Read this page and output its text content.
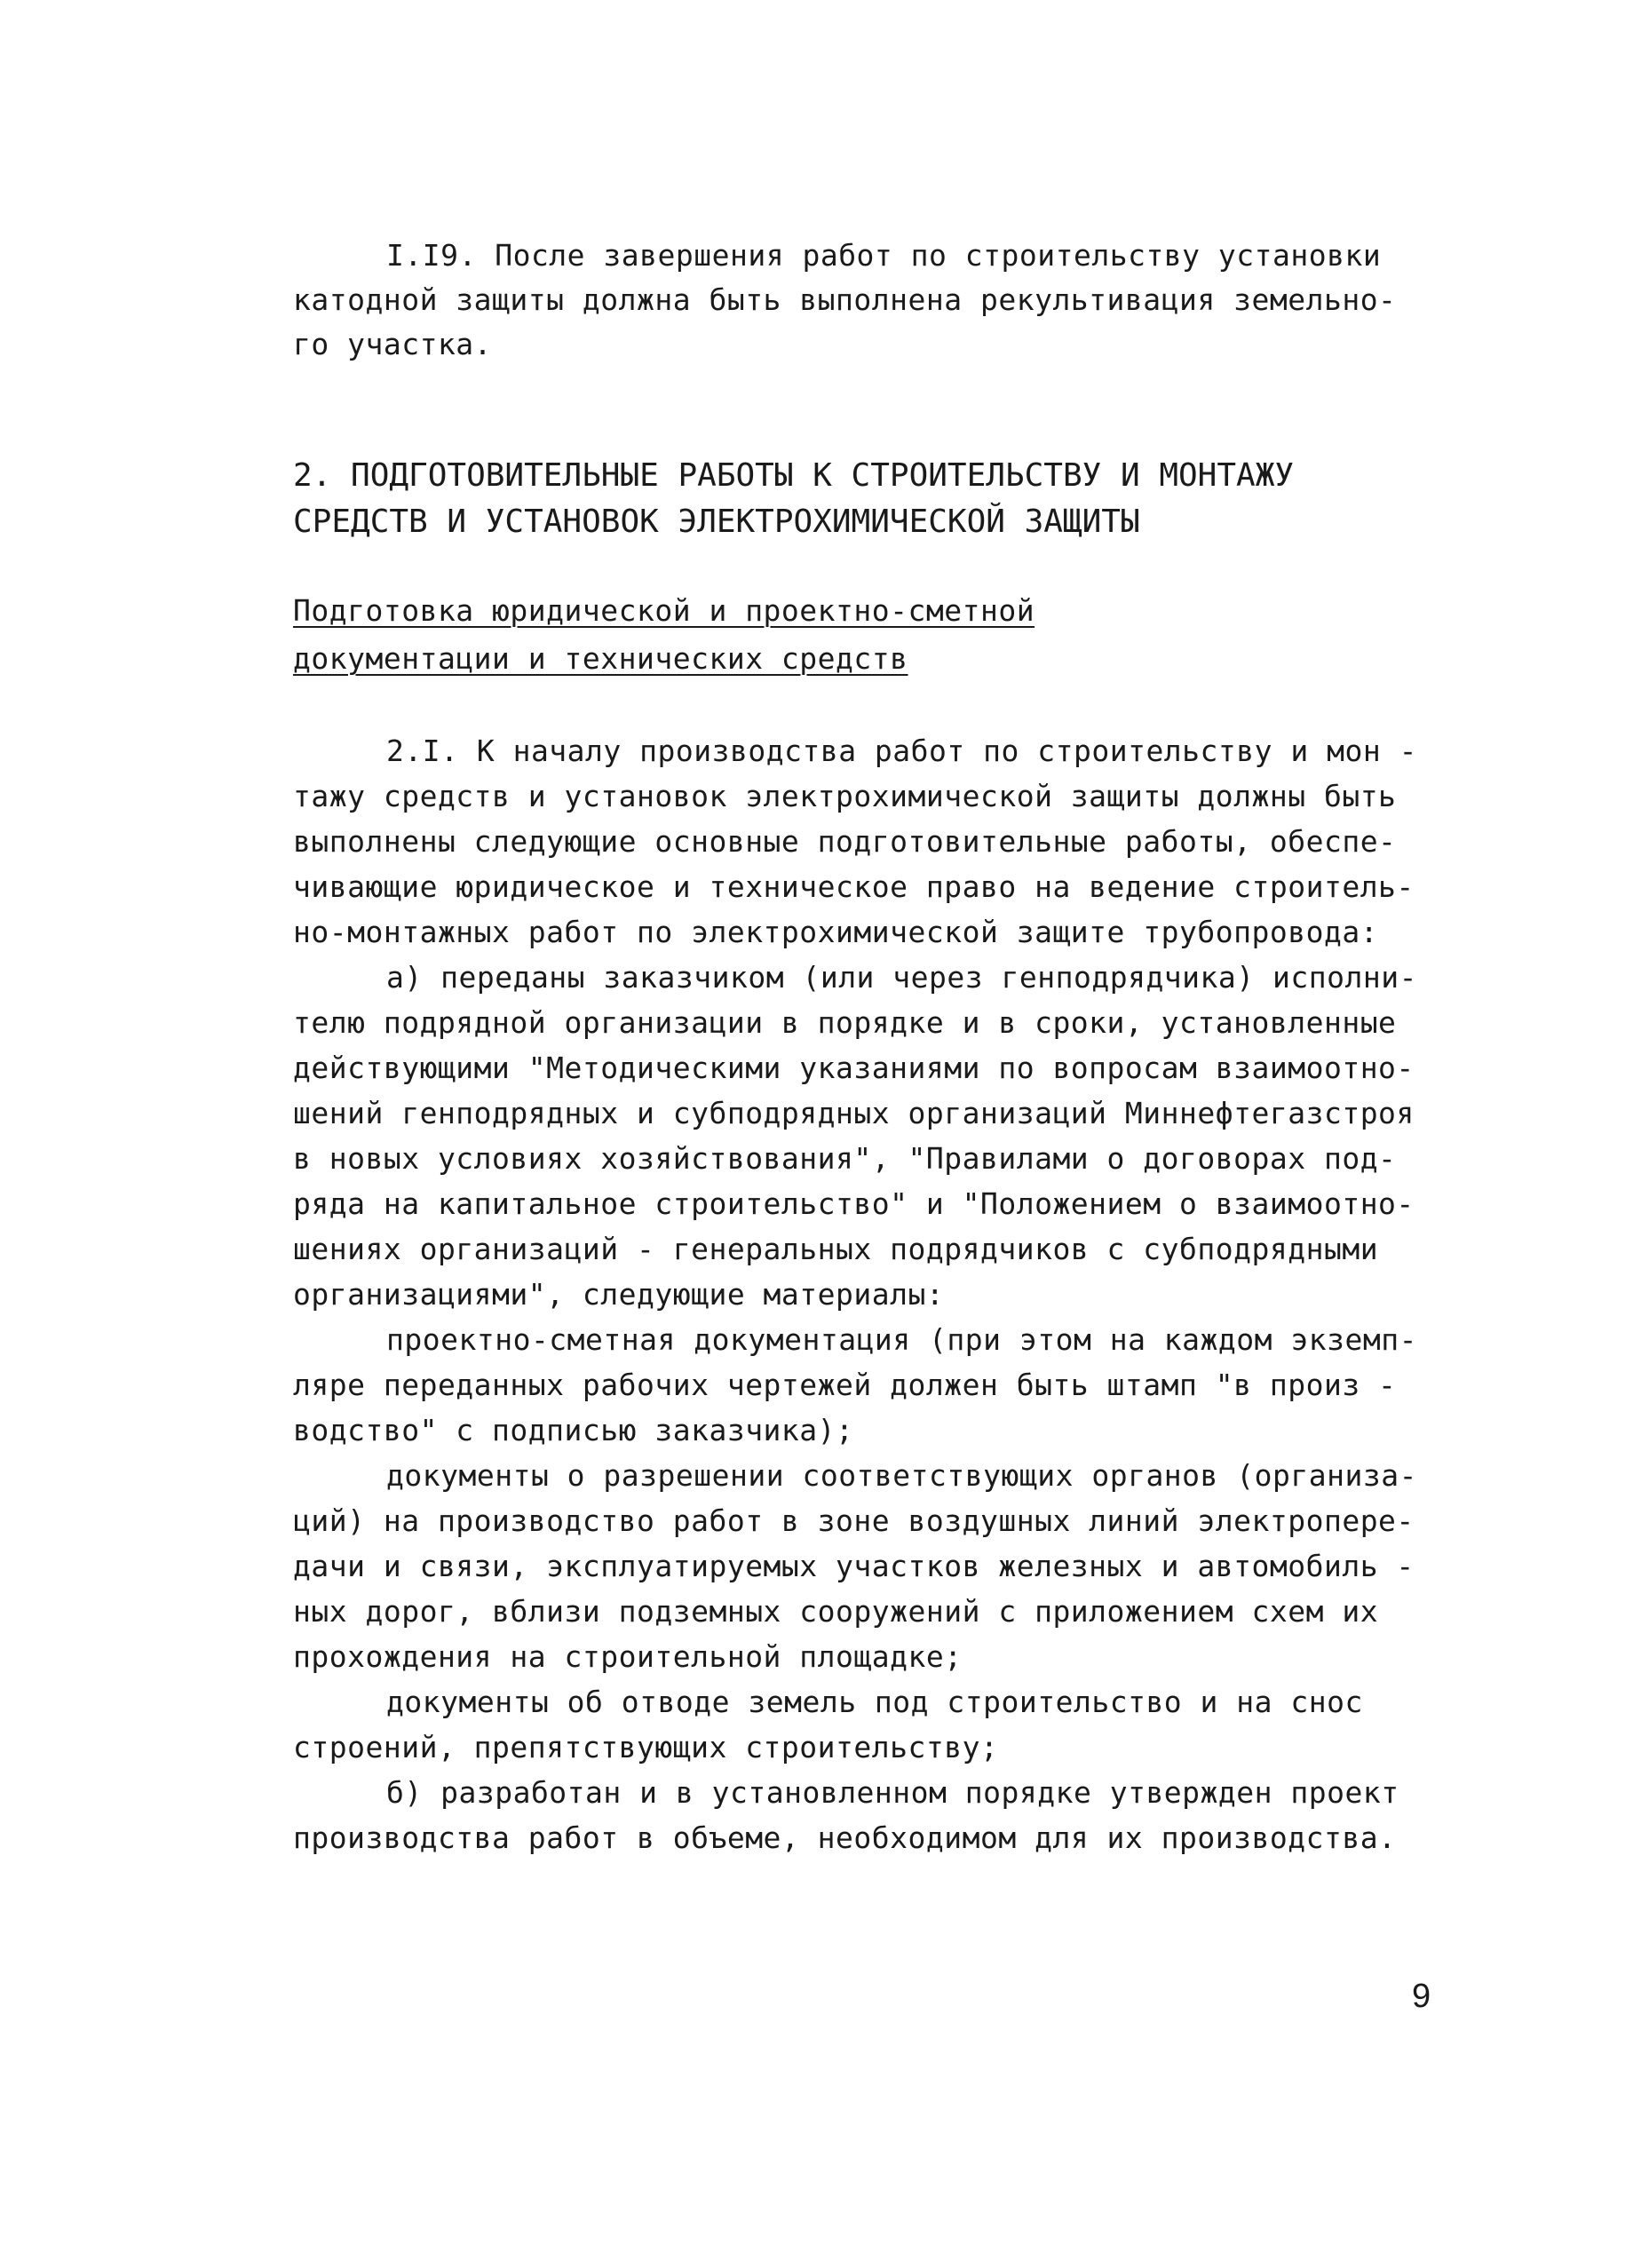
I.I9. После завершения работ по строительству установки
катодной защиты должна быть выполнена рекультивация земельно-
го участка.
2. ПОДГОТОВИТЕЛЬНЫЕ РАБОТЫ К СТРОИТЕЛЬСТВУ И МОНТАЖУ
СРЕДСТВ И УСТАНОВОК ЭЛЕКТРОХИМИЧЕСКОЙ ЗАЩИТЫ
Подготовка юридической и проектно-сметной
документации и технических средств
2.I. К началу производства работ по строительству и мон -
тажу средств и установок электрохимической защиты должны быть
выполнены следующие основные подготовительные работы, обеспе-
чивающие юридическое и техническое право на ведение строитель-
но-монтажных работ по электрохимической защите трубопровода:
а) переданы заказчиком (или через генподрядчика) исполни-
телю подрядной организации в порядке и в сроки, установленные
действующими "Методическими указаниями по вопросам взаимоотно-
шений генподрядных и субподрядных организаций Миннефтегазстроя
в новых условиях хозяйствования", "Правилами о договорах под-
ряда на капитальное строительство" и "Положением о взаимоотно-
шениях организаций - генеральных подрядчиков с субподрядными
организациями", следующие материалы:
проектно-сметная документация (при этом на каждом экземп-
ляре переданных рабочих чертежей должен быть штамп "в произ -
водство" с подписью заказчика);
документы о разрешении соответствующих органов (организа-
ций) на производство работ в зоне воздушных линий электропере-
дачи и связи, эксплуатируемых участков железных и автомобиль -
ных дорог, вблизи подземных сооружений с приложением схем их
прохождения на строительной площадке;
документы об отводе земель под строительство и на снос
строений, препятствующих строительству;
б) разработан и в установленном порядке утвержден проект
производства работ в объеме, необходимом для их производства.
9
